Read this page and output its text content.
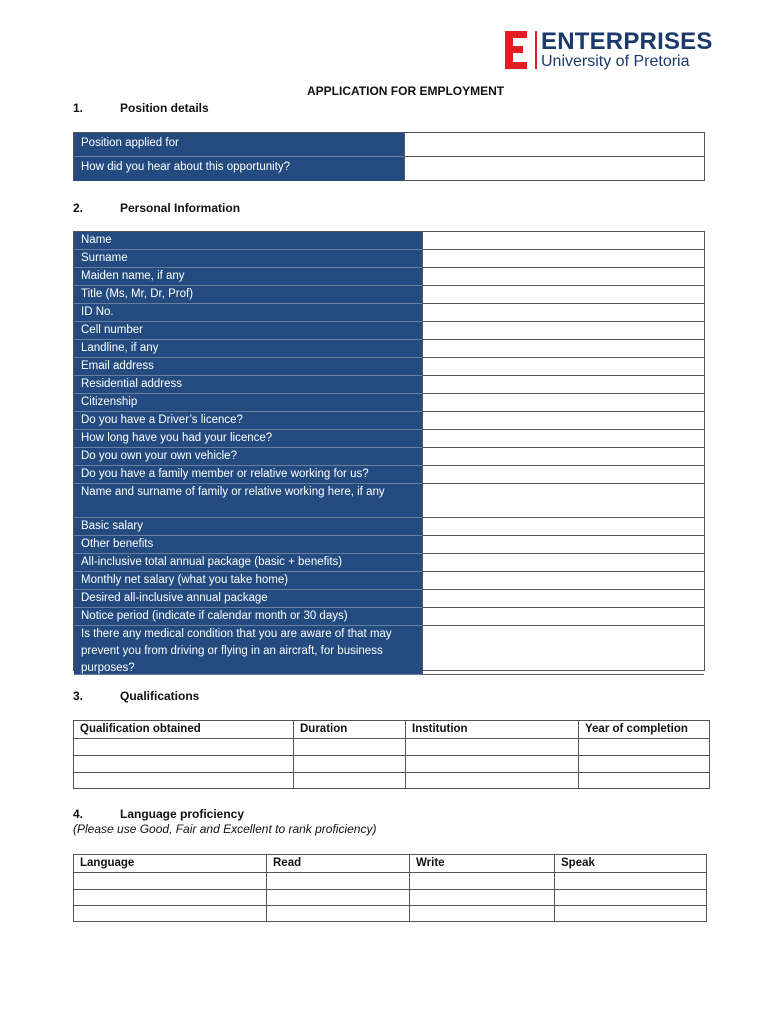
ENTERPRISES
University of Pretoria
APPLICATION FOR EMPLOYMENT
1.	Position details
Position applied for
How did you hear about this opportunity?
2.	Personal Information
Name
Surname
Maiden name, if any
Title (Ms, Mr, Dr, Prof)
ID No.
Cell number
Landline, if any
Email address
Residential address
Citizenship
Do you have a Driver’s licence?
How long have you had your licence?
Do you own your own vehicle?
Do you have a family member or relative working for us?
Name and surname of family or relative working here, if any
Basic salary
Other benefits
All-inclusive total annual package (basic + benefits)
Monthly net salary (what you take home)
Desired all-inclusive annual package
Notice period (indicate if calendar month or 30 days)
Is there any medical condition that you are aware of that may prevent you from driving or flying in an aircraft, for business purposes?
3.	Qualifications
Qualification obtained	Duration	Institution	Year of completion
4.	Language proficiency
(Please use Good, Fair and Excellent to rank proficiency)
Language	Read	Write	Speak
